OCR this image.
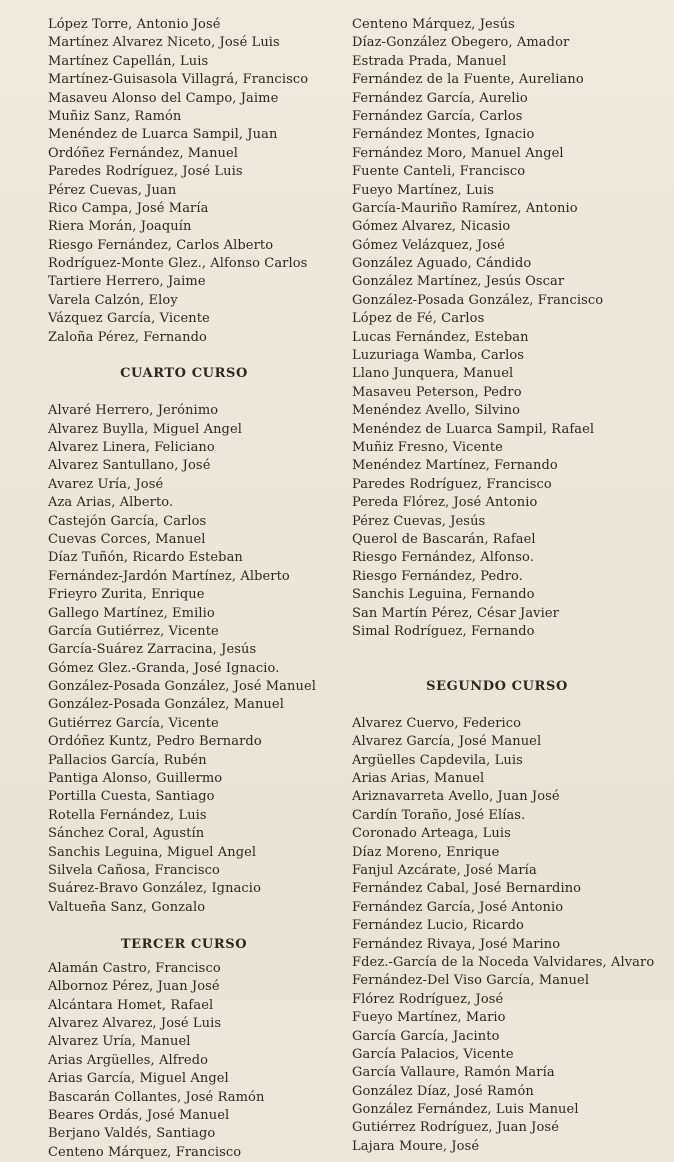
López Torre, Antonio José
Martínez Alvarez Niceto, José Luis
Martínez Capellán, Luis
Martínez-Guisasola Villagrá, Francisco
Masaveu Alonso del Campo, Jaime
Muñiz Sanz, Ramón
Menéndez de Luarca Sampil, Juan
Ordóñez Fernández, Manuel
Paredes Rodríguez, José Luis
Pérez Cuevas, Juan
Rico Campa, José María
Riera Morán, Joaquín
Riesgo Fernández, Carlos Alberto
Rodríguez-Monte Glez., Alfonso Carlos
Tartiere Herrero, Jaime
Varela Calzón, Eloy
Vázquez García, Vicente
Zaloña Pérez, Fernando
CUARTO CURSO
Alvaré Herrero, Jerónimo
Alvarez Buylla, Miguel Angel
Alvarez Linera, Feliciano
Alvarez Santullano, José
Avarez Uría, José
Aza Arias, Alberto.
Castejón García, Carlos
Cuevas Corces, Manuel
Díaz Tuñón, Ricardo Esteban
Fernández-Jardón Martínez, Alberto
Frieyro Zurita, Enrique
Gallego Martínez, Emilio
García Gutiérrez, Vicente
García-Suárez Zarracina, Jesús
Gómez Glez.-Granda, José Ignacio.
González-Posada González, José Manuel
González-Posada González, Manuel
Gutiérrez García, Vicente
Ordóñez Kuntz, Pedro Bernardo
Pallacios García, Rubén
Pantiga Alonso, Guillermo
Portilla Cuesta, Santiago
Rotella Fernández, Luis
Sánchez Coral, Agustín
Sanchis Leguina, Miguel Angel
Silvela Cañosa, Francisco
Suárez-Bravo González, Ignacio
Valtueña Sanz, Gonzalo
TERCER CURSO
Alamán Castro, Francisco
Albornoz Pérez, Juan José
Alcántara Homet, Rafael
Alvarez Alvarez, José Luis
Alvarez Uría, Manuel
Arias Argüelles, Alfredo
Arias García, Miguel Angel
Bascarán Collantes, José Ramón
Beares Ordás, José Manuel
Berjano Valdés, Santiago
Centeno Márquez, Francisco
Centeno Márquez, Jesús
Díaz-González Obegero, Amador
Estrada Prada, Manuel
Fernández de la Fuente, Aureliano
Fernández García, Aurelio
Fernández García, Carlos
Fernández Montes, Ignacio
Fernández Moro, Manuel Angel
Fuente Canteli, Francisco
Fueyo Martínez, Luis
García-Mauriño Ramírez, Antonio
Gómez Alvarez, Nicasio
Gómez Velázquez, José
González Aguado, Cándido
González Martínez, Jesús Oscar
González-Posada González, Francisco
López de Fé, Carlos
Lucas Fernández, Esteban
Luzuriaga Wamba, Carlos
Llano Junquera, Manuel
Masaveu Peterson, Pedro
Menéndez Avello, Silvino
Menéndez de Luarca Sampil, Rafael
Muñiz Fresno, Vicente
Menéndez Martínez, Fernando
Paredes Rodríguez, Francisco
Pereda Flórez, José Antonio
Pérez Cuevas, Jesús
Querol de Bascarán, Rafael
Riesgo Fernández, Alfonso.
Riesgo Fernández, Pedro.
Sanchis Leguina, Fernando
San Martín Pérez, César Javier
Simal Rodríguez, Fernando
SEGUNDO CURSO
Alvarez Cuervo, Federico
Alvarez García, José Manuel
Argüelles Capdevila, Luis
Arias Arias, Manuel
Ariznavarreta Avello, Juan José
Cardín Toraño, José Elías.
Coronado Arteaga, Luis
Díaz Moreno, Enrique
Fanjul Azcárate, José María
Fernández Cabal, José Bernardino
Fernández García, José Antonio
Fernández Lucio, Ricardo
Fernández Rivaya, José Marino
Fdez.-García de la Noceda Valvidares, Alvaro
Fernández-Del Viso García, Manuel
Flórez Rodríguez, José
Fueyo Martínez, Mario
García García, Jacinto
García Palacios, Vicente
García Vallaure, Ramón María
González Díaz, José Ramón
González Fernández, Luis Manuel
Gutiérrez Rodríguez, Juan José
Lajara Moure, José
